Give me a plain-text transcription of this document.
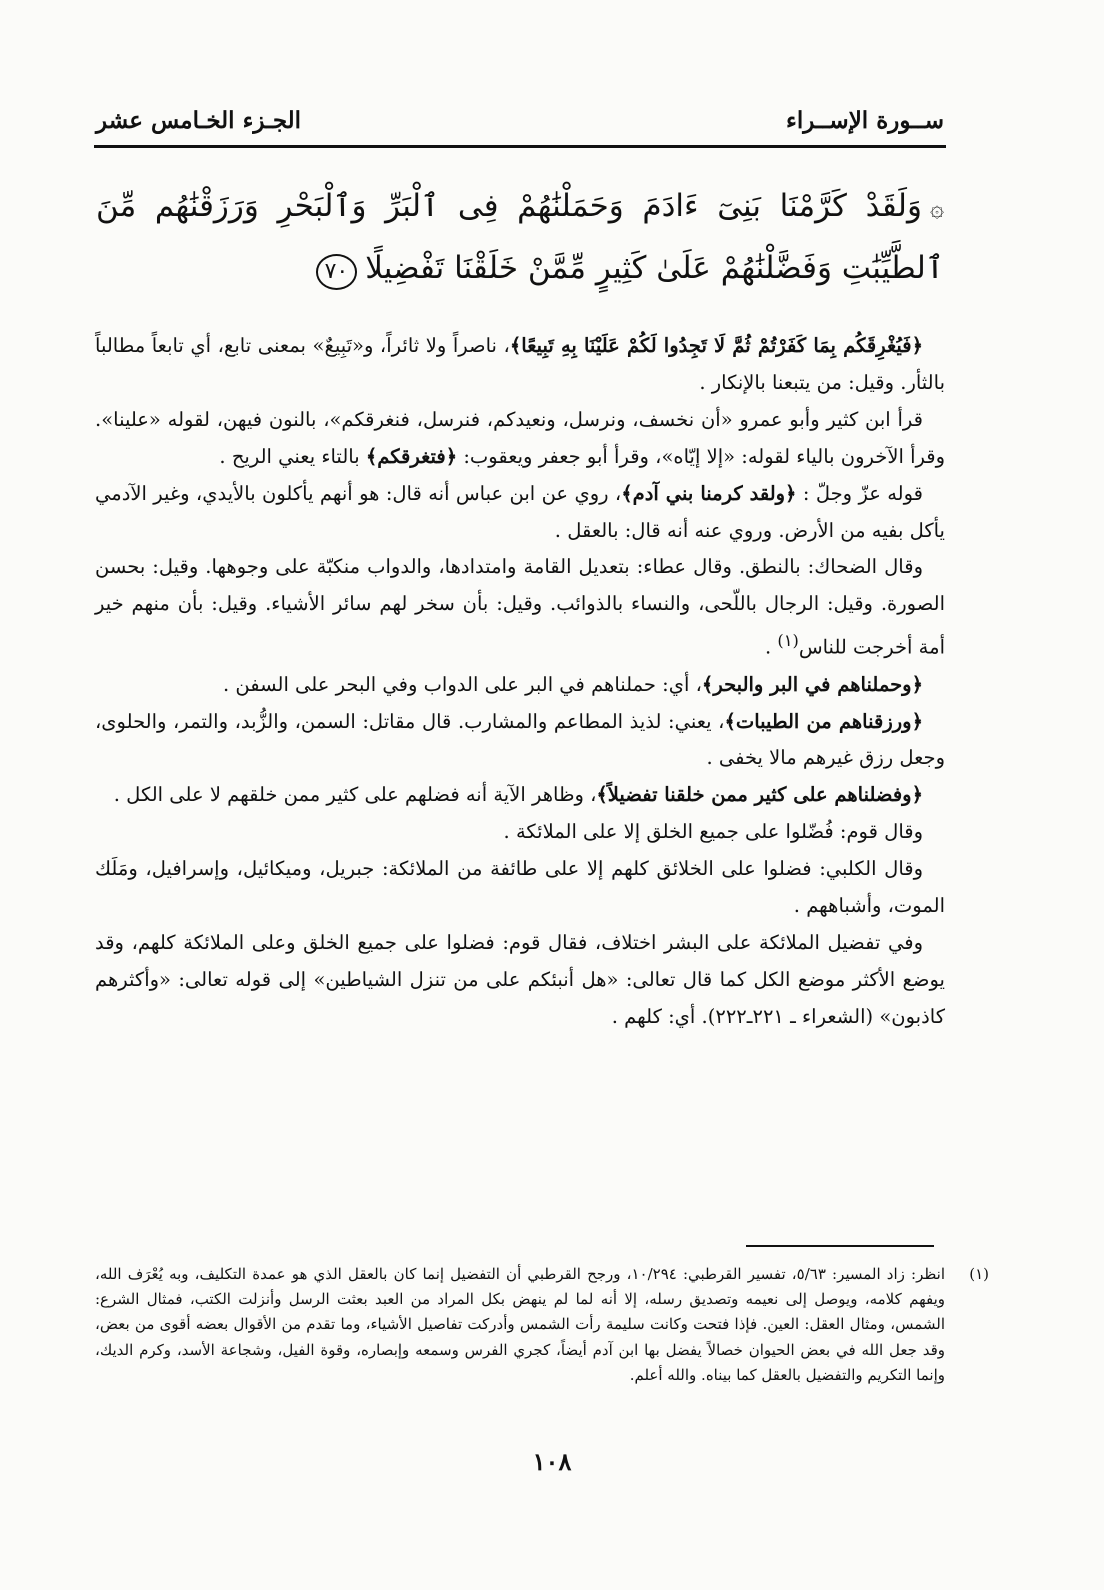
ســورة الإســراء
الجـزء الخـامس عشر
۞وَلَقَدْ كَرَّمْنَا بَنِىٓ ءَادَمَ وَحَمَلْنَٰهُمْ فِى ٱلْبَرِّ وَٱلْبَحْرِ وَرَزَقْنَٰهُم مِّنَ ٱلطَّيِّبَٰتِ وَفَضَّلْنَٰهُمْ عَلَىٰ كَثِيرٍ مِّمَّنْ خَلَقْنَا تَفْضِيلًا٧٠

﴿فَيُغْرِقَكُم بِمَا كَفَرْتُمْ ثُمَّ لَا تَجِدُوا لَكُمْ عَلَيْنَا بِهِ تَبِيعًا﴾، ناصراً ولا ثائراً، و«تَبِيعٌ» بمعنى تابع، أي تابعاً مطالباً بالثأر. وقيل: من يتبعنا بالإنكار .

قرأ ابن كثير وأبو عمرو «أن نخسف، ونرسل، ونعيدكم، فنرسل، فنغرقكم»، بالنون فيهن، لقوله «علينا». وقرأ الآخرون بالياء لقوله: «إلا إيّاه»، وقرأ أبو جعفر ويعقوب: ﴿فتغرقكم﴾ بالتاء يعني الريح .

قوله عزّ وجلّ : ﴿ولقد كرمنا بني آدم﴾، روي عن ابن عباس أنه قال: هو أنهم يأكلون بالأيدي، وغير الآدمي يأكل بفيه من الأرض. وروي عنه أنه قال: بالعقل .

وقال الضحاك: بالنطق. وقال عطاء: بتعديل القامة وامتدادها، والدواب منكبّة على وجوهها. وقيل: بحسن الصورة. وقيل: الرجال باللّحى، والنساء بالذوائب. وقيل: بأن سخر لهم سائر الأشياء. وقيل: بأن منهم خير أمة أخرجت للناس$^{(١)}$ .

﴿وحملناهم في البر والبحر﴾، أي: حملناهم في البر على الدواب وفي البحر على السفن .

﴿ورزقناهم من الطيبات﴾، يعني: لذيذ المطاعم والمشارب. قال مقاتل: السمن، والزُّبد، والتمر، والحلوى، وجعل رزق غيرهم مالا يخفى .

﴿وفضلناهم على كثير ممن خلقنا تفضيلاً﴾، وظاهر الآية أنه فضلهم على كثير ممن خلقهم لا على الكل .

وقال قوم: فُضّلوا على جميع الخلق إلا على الملائكة .

وقال الكلبي: فضلوا على الخلائق كلهم إلا على طائفة من الملائكة: جبريل، وميكائيل، وإسرافيل، ومَلَك الموت، وأشباههم .

وفي تفضيل الملائكة على البشر اختلاف، فقال قوم: فضلوا على جميع الخلق وعلى الملائكة كلهم، وقد يوضع الأكثر موضع الكل كما قال تعالى: «هل أنبئكم على من تنزل الشياطين» إلى قوله تعالى: «وأكثرهم كاذبون» (الشعراء ـ ٢٢١ـ٢٢٢). أي: كلهم .

(١)
انظر: زاد المسير: ٥/٦٣، تفسير القرطبي: ١٠/٢٩٤، ورجح القرطبي أن التفضيل إنما كان بالعقل الذي هو عمدة التكليف، وبه يُعْرَف الله، ويفهم كلامه، ويوصل إلى نعيمه وتصديق رسله، إلا أنه لما لم ينهض بكل المراد من العبد بعثت الرسل وأنزلت الكتب، فمثال الشرع: الشمس، ومثال العقل: العين. فإذا فتحت وكانت سليمة رأت الشمس وأدركت تفاصيل الأشياء، وما تقدم من الأقوال بعضه أقوى من بعض، وقد جعل الله في بعض الحيوان خصالاً يفضل بها ابن آدم أيضاً، كجري الفرس وسمعه وإبصاره، وقوة الفيل، وشجاعة الأسد، وكرم الديك، وإنما التكريم والتفضيل بالعقل كما بيناه. والله أعلم.
١٠٨
